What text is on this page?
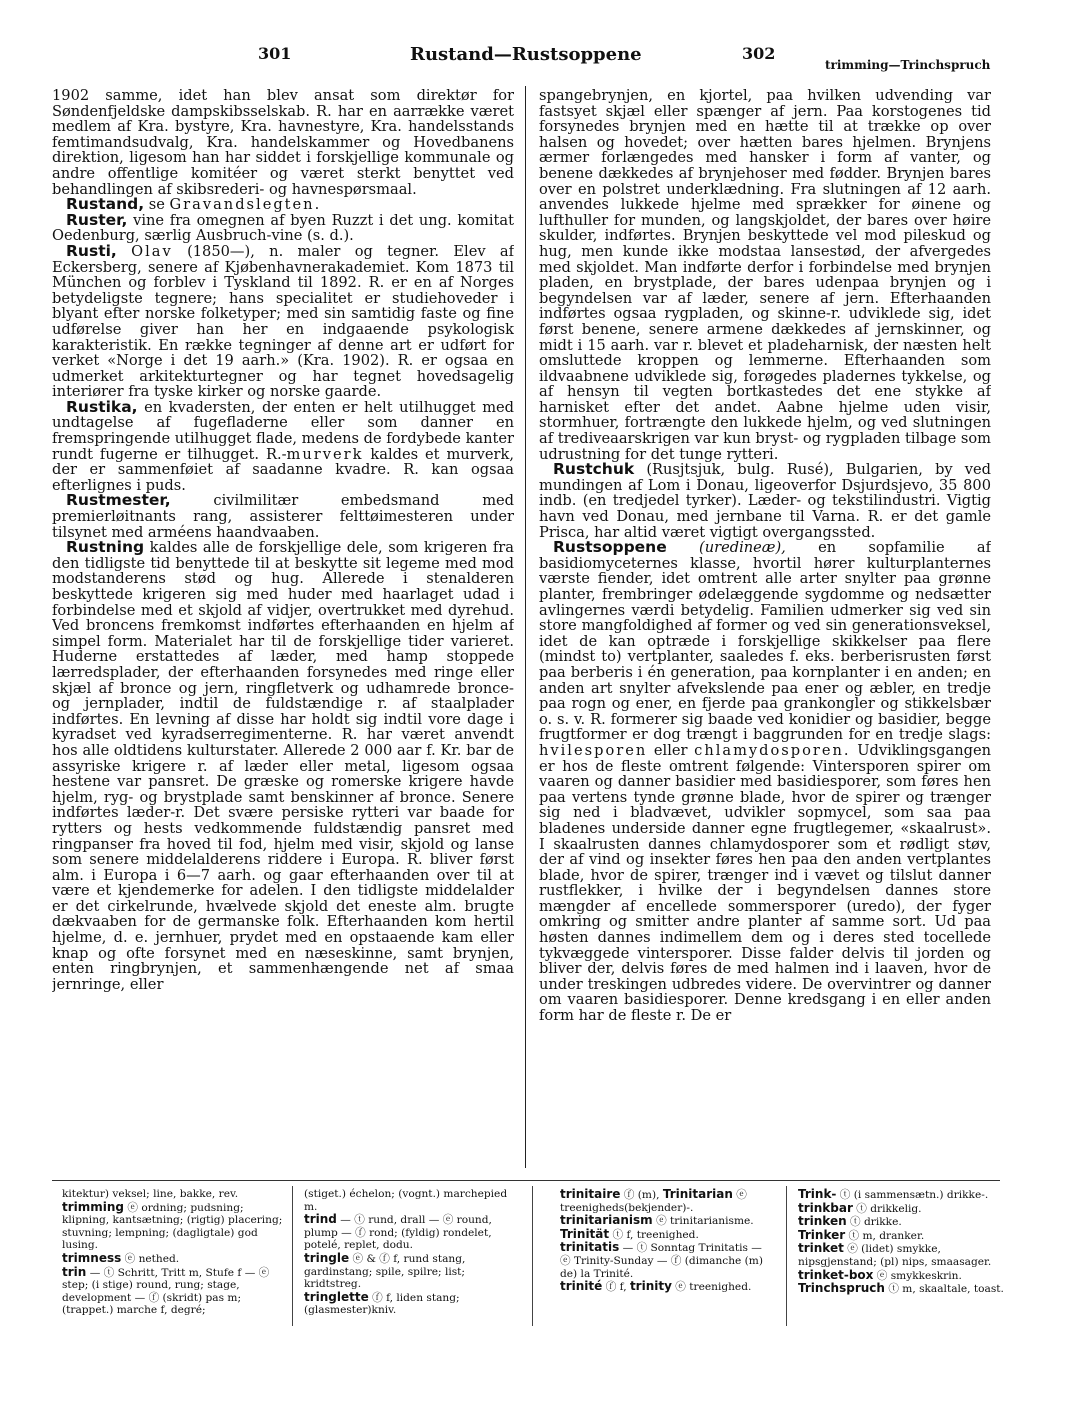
301	Rustand—Rustsoppene	302
trimming—Trinchspruch

1902 samme, idet han blev ansat som direktør for Søndenfjeldske dampskibsselskab. R. har en aarrække været medlem af Kra. bystyre, Kra. havnestyre, Kra. handelsstands femtimandsudvalg, Kra. handelskammer og Hovedbanens direktion, ligesom han har siddet i forskjellige kommunale og andre offentlige komitéer og været sterkt benyttet ved behandlingen af skibsrederi- og havnespørsmaal.

Rustand, se Gravandslegten.

Ruster, vine fra omegnen af byen Ruzzt i det ung. komitat Oedenburg, særlig Ausbruch-vine (s. d.).

Rusti, Olav (1850—), n. maler og tegner. Elev af Eckersberg, senere af Kjøbenhavnerakademiet. Kom 1873 til München og forblev i Tyskland til 1892. R. er en af Norges betydeligste tegnere; hans specialitet er studiehoveder i blyant efter norske folketyper; med sin samtidig faste og fine udførelse giver han her en indgaaende psykologisk karakteristik. En række tegninger af denne art er udført for verket «Norge i det 19 aarh.» (Kra. 1902). R. er ogsaa en udmerket arkitekturtegner og har tegnet hovedsagelig interiører fra tyske kirker og norske gaarde.

Rustika, en kvadersten, der enten er helt utilhugget med undtagelse af fugefladerne eller som danner en fremspringende utilhugget flade, medens de fordybede kanter rundt fugerne er tilhugget. R.-murverk kaldes et murverk, der er sammenføiet af saadanne kvadre. R. kan ogsaa efterlignes i puds.

Rustmester,	civilmilitær embedsmand med premierløitnants rang, assisterer felttøimesteren under tilsynet med arméens haandvaaben.

Rustning kaldes alle de forskjellige dele, som krigeren fra den tidligste tid benyttede til at beskytte sit legeme med mod modstanderens stød og hug. Allerede i stenalderen beskyttede krigeren sig med huder med haarlaget udad i forbindelse med et skjold af vidjer, overtrukket med dyrehud. Ved broncens fremkomst indførtes efterhaanden en hjelm af simpel form. Materialet har til de forskjellige tider varieret. Huderne erstattedes af læder, med hamp stoppede lærredsplader, der efterhaanden forsynedes med ringe eller skjæl af bronce og jern, ringfletverk og udhamrede bronce- og jernplader, indtil de fuldstændige r. af staalplader indførtes. En levning af disse har holdt sig indtil vore dage i kyradset ved kyradserregimenterne. R. har været anvendt hos alle oldtidens kulturstater. Allerede 2 000 aar f. Kr. bar de assyriske krigere r. af læder eller metal, ligesom ogsaa hestene var pansret. De græske og romerske krigere havde hjelm, ryg- og brystplade samt benskinner af bronce. Senere indførtes læder-r. Det svære persiske rytteri var baade for rytters og hests vedkommende fuldstændig pansret med ringpanser fra hoved til fod, hjelm med visir, skjold og lanse som senere middelalderens riddere i Europa. R. bliver først alm. i Europa i 6—7 aarh. og gaar efterhaanden over til at være et kjendemerke for adelen. I den tidligste middelalder er det cirkelrunde, hvælvede skjold det eneste alm. brugte dækvaaben for de germanske folk. Efterhaanden kom hertil hjelme, d. e. jernhuer, prydet med en opstaaende kam eller knap og ofte forsynet med en næseskinne, samt brynjen, enten ringbrynjen, et sammenhængende net af smaa jernringe, eller

spangebrynjen, en kjortel, paa hvilken udvending var fastsyet skjæl eller spænger af jern. Paa korstogenes tid forsynedes brynjen med en hætte til at trække op over halsen og hovedet; over hætten bares hjelmen. Brynjens ærmer forlængedes med hansker i form af vanter, og benene dækkedes af brynjehoser med fødder. Brynjen bares over en polstret underklædning. Fra slutningen af 12 aarh. anvendes lukkede hjelme med sprækker for øinene og lufthuller for munden, og langskjoldet, der bares over høire skulder, indførtes. Brynjen beskyttede vel mod pileskud og hug, men kunde ikke modstaa lansestød, der afvergedes med skjoldet. Man indførte derfor i forbindelse med brynjen pladen, en brystplade, der bares udenpaa brynjen og i begyndelsen var af læder, senere af jern. Efterhaanden indførtes ogsaa rygpladen, og skinne-r. udviklede sig, idet først benene, senere armene dækkedes af jernskinner, og midt i 15 aarh. var r. blevet et pladeharnisk, der næsten helt omsluttede kroppen og lemmerne. Efterhaanden som ildvaabnene udviklede sig, forøgedes pladernes tykkelse, og af hensyn til vegten bortkastedes det ene stykke af harnisket efter det andet. Aabne hjelme uden visir, stormhuer, fortrængte den lukkede hjelm, og ved slutningen af trediveaarskrigen var kun bryst- og rygpladen tilbage som udrustning for det tunge rytteri.

Rustchuk (Rusjtsjuk, bulg. Rusé), Bulgarien, by ved mundingen af Lom i Donau, ligeoverfor Dsjurdsjevo, 35 800 indb. (en tredjedel tyrker). Læder- og tekstilindustri. Vigtig havn ved Donau, med jernbane til Varna. R. er det gamle Prisca, har altid været vigtigt overgangssted.

Rustsoppene (uredineæ), en sopfamilie af basidiomyceternes klasse, hvortil hører kulturplanternes værste fiender, idet omtrent alle arter snylter paa grønne planter, frembringer ødelæggende sygdomme og nedsætter avlingernes værdi betydelig. Familien udmerker sig ved sin store mangfoldighed af former og ved sin generationsveksel, idet de kan optræde i forskjellige skikkelser paa flere (mindst to) vertplanter, saaledes f. eks. berberisrusten først paa berberis i én generation, paa kornplanter i en anden; en anden art snylter afvekslende paa ener og æbler, en tredje paa rogn og ener, en fjerde paa grankongler og stikkelsbær o. s. v. R. formerer sig baade ved konidier og basidier, begge frugtformer er dog trængt i baggrunden for en tredje slags: hvilesporen eller chlamydosporen. Udviklingsgangen er hos de fleste omtrent følgende: Vintersporen spirer om vaaren og danner basidier med basidiesporer, som føres hen paa vertens tynde grønne blade, hvor de spirer og trænger sig ned i bladvævet, udvikler sopmycel, som saa paa bladenes underside danner egne frugtlegemer, «skaalrust». I skaalrusten dannes chlamydosporer som et rødligt støv, der af vind og insekter føres hen paa den anden vertplantes blade, hvor de spirer, trænger ind i vævet og tilslut danner rustflekker, i hvilke der i begyndelsen dannes store mængder af encellede sommersporer (uredo), der fyger omkring og smitter andre planter af samme sort. Ud paa høsten dannes indimellem dem og i deres sted tocellede tykvæggede vintersporer. Disse falder delvis til jorden og bliver der, delvis føres de med halmen ind i laaven, hvor de under treskingen udbredes videre. De overvintrer og danner om vaaren basidiesporer. Denne kredsgang i en eller anden form har de fleste r. De er

kitektur) veksel; line, bakke, rev.

trimming ⓔ ordning; pudsning; klipning, kantsætning; (rigtig) placering; stuvning; lempning; (dagligtale) god lusing.

trimness ⓔ nethed.

trin — ⓣ Schritt, Tritt m, Stufe f — ⓔ step; (i stige) round, rung; stage, development — ⓕ (skridt) pas m; (trappet.) marche f, degré;

(stiget.) échelon; (vognt.) marchepied m.

trind — ⓣ rund, drall — ⓔ round, plump — ⓕ rond; (fyldig) rondelet, potelé, replet, dodu.

tringle ⓔ & ⓕ f, rund stang, gardinstang; spile, spilre; list; kridtstreg.

tringlette ⓕ f, liden stang; (glasmester)kniv.

trinitaire ⓕ (m), Trinitarian ⓔ treenigheds(bekjender)-.

trinitarianism ⓔ trinitarianisme.

Trinität ⓣ f, treenighed.

trinitatis — ⓣ Sonntag Trinitatis — ⓔ Trinity-Sunday — ⓕ (dimanche (m) de) la Trinité.

trinité ⓕ f, trinity ⓔ treenighed.

Trink- ⓣ (i sammensætn.) drikke-.

trinkbar ⓣ drikkelig.

trinken ⓣ drikke.

Trinker ⓣ m, dranker.

trinket ⓔ (lidet) smykke, nipsgjenstand; (pl) nips, smaasager.

trinket-box ⓔ smykkeskrin.

Trinchspruch ⓣ m, skaaltale, toast.
